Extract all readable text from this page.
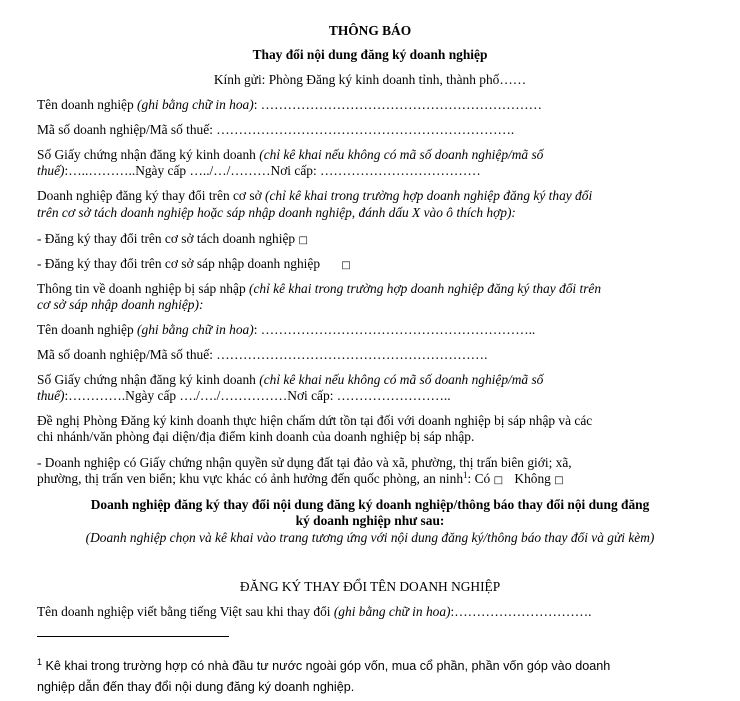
THÔNG BÁO
Thay đổi nội dung đăng ký doanh nghiệp
Kính gửi: Phòng Đăng ký kinh doanh tỉnh, thành phố……
Tên doanh nghiệp (ghi bằng chữ in hoa): ………………………………………………………
Mã số doanh nghiệp/Mã số thuế: ………………………………………………………….
Số Giấy chứng nhận đăng ký kinh doanh (chỉ kê khai nếu không có mã số doanh nghiệp/mã số
thuế):…..………..Ngày cấp …../…/………Nơi cấp: ………………………………
Doanh nghiệp đăng ký thay đổi trên cơ sở (chỉ kê khai trong trường hợp doanh nghiệp đăng ký thay đổi
trên cơ sở tách doanh nghiệp hoặc sáp nhập doanh nghiệp, đánh dấu X vào ô thích hợp):
- Đăng ký thay đổi trên cơ sở tách doanh nghiệp □
- Đăng ký thay đổi trên cơ sở sáp nhập doanh nghiệp □
Thông tin về doanh nghiệp bị sáp nhập (chỉ kê khai trong trường hợp doanh nghiệp đăng ký thay đổi trên
cơ sở sáp nhập doanh nghiệp):
Tên doanh nghiệp (ghi bằng chữ in hoa): ……………………………………………………..
Mã số doanh nghiệp/Mã số thuế: …………………………………………………….
Số Giấy chứng nhận đăng ký kinh doanh (chỉ kê khai nếu không có mã số doanh nghiệp/mã số
thuế):………….Ngày cấp …./…./……………Nơi cấp: ……………………..
Đề nghị Phòng Đăng ký kinh doanh thực hiện chấm dứt tồn tại đối với doanh nghiệp bị sáp nhập và các
chi nhánh/văn phòng đại diện/địa điểm kinh doanh của doanh nghiệp bị sáp nhập.
- Doanh nghiệp có Giấy chứng nhận quyền sử dụng đất tại đảo và xã, phường, thị trấn biên giới; xã,
phường, thị trấn ven biển; khu vực khác có ảnh hưởng đến quốc phòng, an ninh$^1$: Có □ Không □
Doanh nghiệp đăng ký thay đổi nội dung đăng ký doanh nghiệp/thông báo thay đổi nội dung đăng
ký doanh nghiệp như sau:
(Doanh nghiệp chọn và kê khai vào trang tương ứng với nội dung đăng ký/thông báo thay đổi và gửi kèm)
ĐĂNG KÝ THAY ĐỔI TÊN DOANH NGHIỆP
Tên doanh nghiệp viết bằng tiếng Việt sau khi thay đổi (ghi bằng chữ in hoa):………………………….
$^1$ Kê khai trong trường hợp có nhà đầu tư nước ngoài góp vốn, mua cổ phần, phần vốn góp vào doanh
nghiệp dẫn đến thay đổi nội dung đăng ký doanh nghiệp.
